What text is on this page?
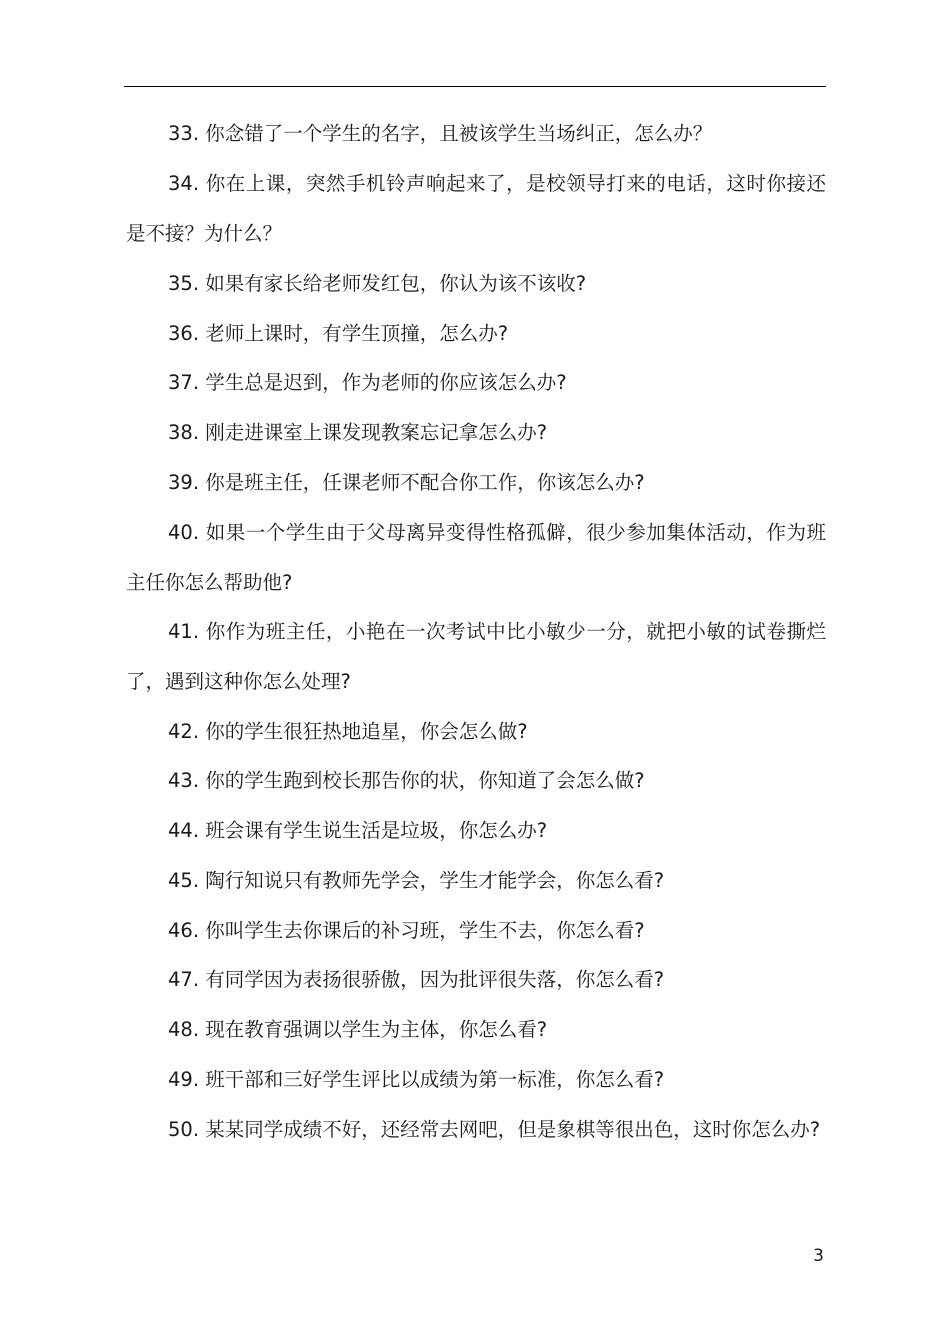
33. 你念错了一个学生的名字，且被该学生当场纠正，怎么办？

34. 你在上课，突然手机铃声响起来了，是校领导打来的电话，这时你接还是不接？为什么？

35. 如果有家长给老师发红包，你认为该不该收?

36. 老师上课时，有学生顶撞，怎么办?

37. 学生总是迟到，作为老师的你应该怎么办?

38. 刚走进课室上课发现教案忘记拿怎么办?

39. 你是班主任，任课老师不配合你工作，你该怎么办?

40. 如果一个学生由于父母离异变得性格孤僻，很少参加集体活动，作为班主任你怎么帮助他?

41. 你作为班主任，小艳在一次考试中比小敏少一分，就把小敏的试卷撕烂了，遇到这种你怎么处理?

42. 你的学生很狂热地追星，你会怎么做?

43. 你的学生跑到校长那告你的状，你知道了会怎么做?

44. 班会课有学生说生活是垃圾，你怎么办?

45. 陶行知说只有教师先学会，学生才能学会，你怎么看?

46. 你叫学生去你课后的补习班，学生不去，你怎么看?

47. 有同学因为表扬很骄傲，因为批评很失落，你怎么看?

48. 现在教育强调以学生为主体，你怎么看?

49. 班干部和三好学生评比以成绩为第一标准，你怎么看?

50. 某某同学成绩不好，还经常去网吧，但是象棋等很出色，这时你怎么办?

3
